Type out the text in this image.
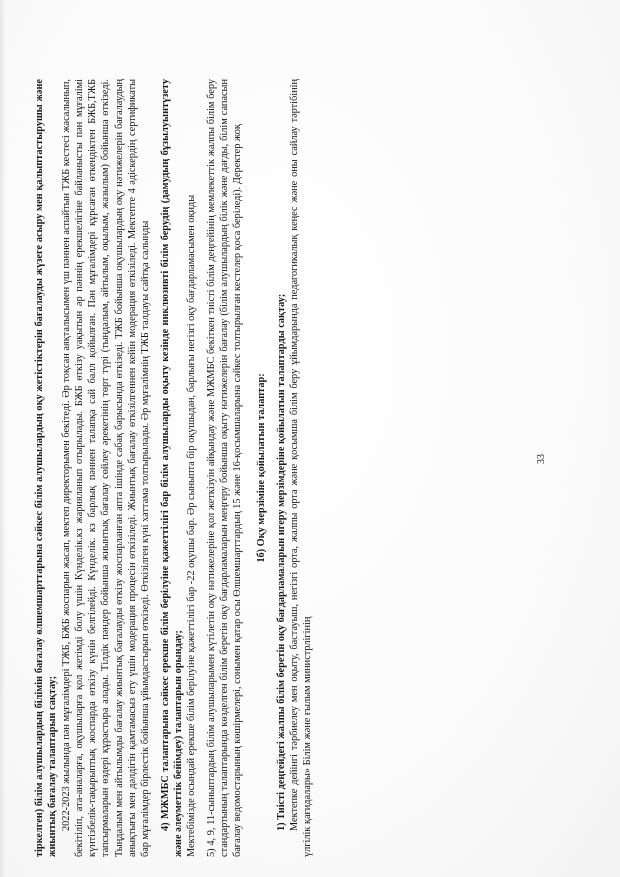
тіркелген) білім алушылардың білімін бағалау өлшемшарттарына сәйкес білім алушылардың оқу жетістіктерін бағалауды жүзеге асыру мен қалыптастырушы және жиынтық бағалау талаптарын сақтау; 2022-2023 жылында пән мұғалімдері ТЖБ, БЖБ жоспарын жасап, мектеп директорымен бекітеді. Әр тоқсан аяқталысымен үш пәннен аспайтын ТЖБ кестесі жасалынып, бекітіліп, ата-аналарға, оқушыларға қол жетімді болу үшін Күнделік.кз жарияланып отырылады. БЖБ өткізу уақытын әр пәннің ерекшелігіне байланысты пән мұғалімі күнтізбелік-тақырыптық жоспарда өткізу күнін белгілейді. Күнделік. кз барлық пәннен талапқа сай балл қойылған. Пән мұғалімдері құрсаған өткендіктен БЖБ,ТЖБ тапсырмаларын өздері құрастыра алады. Тілдік пәндер бойынша жиынтық бағалау сөйлеу әрекетінің төрт түрі (тыңдалым, айтылым, оқылым, жазылым) бойынша өткізеді. Тыңдалым мен айтылымды бағалау жиынтық бағалауды өткізу жоспарланған апта ішінде сабақ барысында өткізеді. ТЖБ бойынша оқушылардың оқу нәтижелерін бағалаудың анықтығы мен дәлдігін қамтамасыз ету үшін модерация процесін өткізіледі. Жиынтық бағалау өткізілгеннен кейін модерация өткізіледі. Мектепте 4 әдіскердің сертификаты бар мұғалімдер бірлестік бойынша ұйымдастырып өткізеді. Өткізілген күні хаттама толтырылады. Әр мұғалімнің ТЖБ талдауы сайтқа салынды 4) МЖМБС талаптарына сәйкес ерекше білім берілуіне қажеттілігі бар білім алушыларды оқыту кезінде инклюзивті білім берудің (дамудың бұзылуынтүзету және әлеуметтік бейімдеу) талаптарын орындау; Мектебімізде осындай ерекше білім берілуіне қажеттілігі бар -22 оқушы бар. Әр сыныпта бір оқушыдан, барлығы негізгі оқу бағдарламасымен оқиды 5) 4, 9, 11-сыныптардың білім алушыларымен күтілетін оқу нәтижелеріне қол жеткізуін айқындау және МЖМБС бекіткен тиісті білім деңгейінің мемлекеттік жалпы білім беру стандартының талаптарында көзделген білім беретін оқу бағдарламаларын меңгеру бойынша оқыту нәтижелерін бағалау (білім алушылардың білік және дағды, білім сапасын бағалау ведомостарының көшірмелері, сонымен қатар осы Өлшемшарттардың 15 және 16-қосымшаларына сәйкес толтырылған кестелер қоса беріледі). Деректер жоқ 1б) Оқу мерзіміне қойылатын талаптар: 1) Тиісті деңгейдегі жалпы білім беретін оқу бағдарламаларын игеру мерзімдеріне қойылатын талаптарды сақтау; Мектепке дейінгі тәрбиелеу мен оқыту, бастауыш, негізгі орта, жалпы орта және қосымша білім беру ұйымдарында педагогикалық кеңес және оны сайлау тәртібінің үлгілік қағидалары» Білім және ғылым министрлігінің

33
